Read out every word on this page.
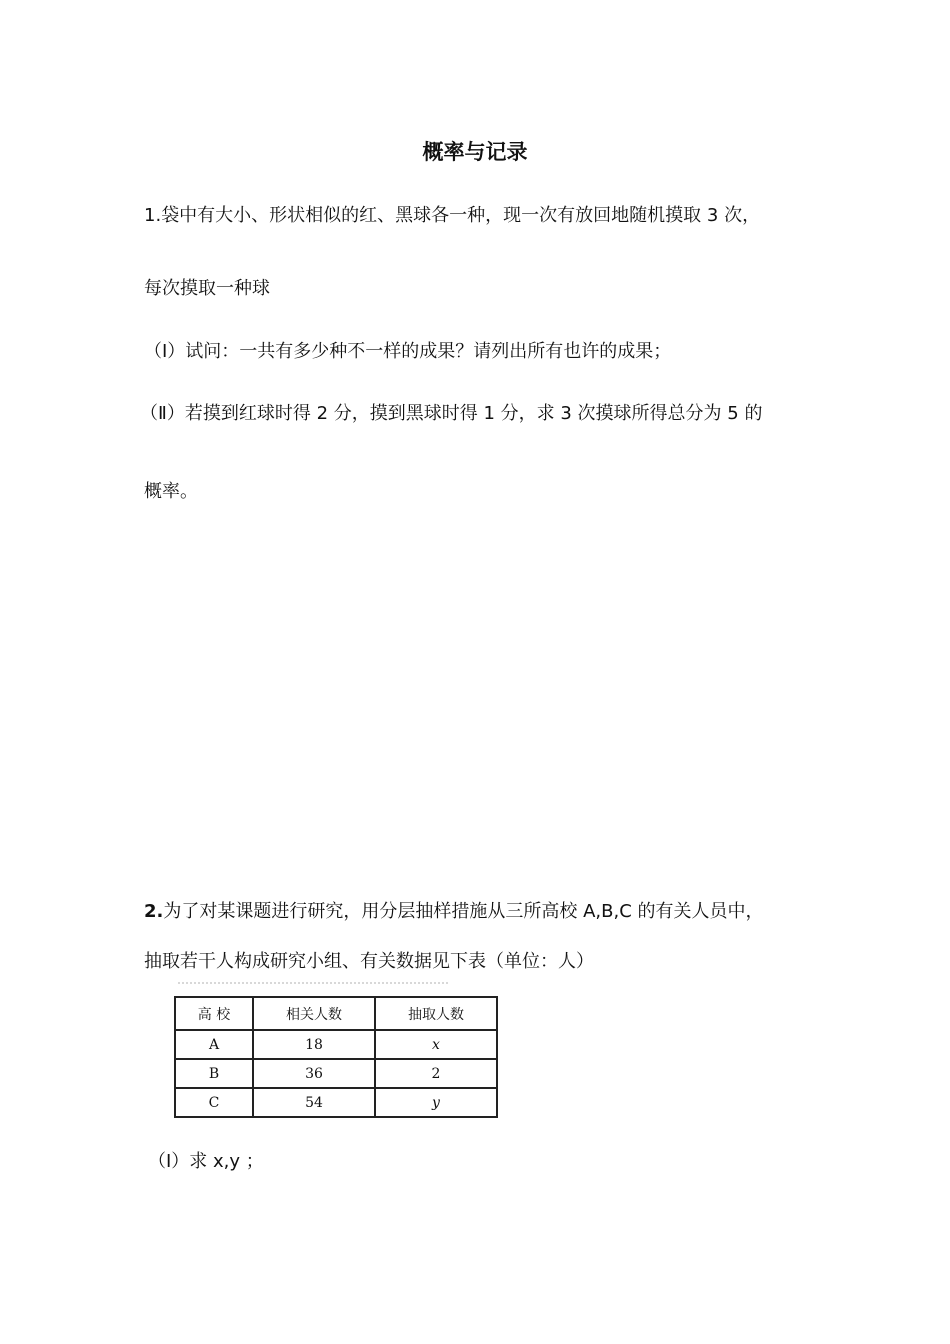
概率与记录
1.袋中有大小、形状相似的红、黑球各一种，现一次有放回地随机摸取 3 次，
每次摸取一种球
（I）试问：一共有多少种不一样的成果？请列出所有也许的成果；
（Ⅱ）若摸到红球时得 2 分，摸到黑球时得 1 分，求 3 次摸球所得总分为 5 的
概率。
2.为了对某课题进行研究，用分层抽样措施从三所高校 A,B,C 的有关人员中，
抽取若干人构成研究小组、有关数据见下表（单位：人）
高 校	相关人数	抽取人数
A	18	x
B	36	2
C	54	y
（Ⅰ）求 x,y ；
